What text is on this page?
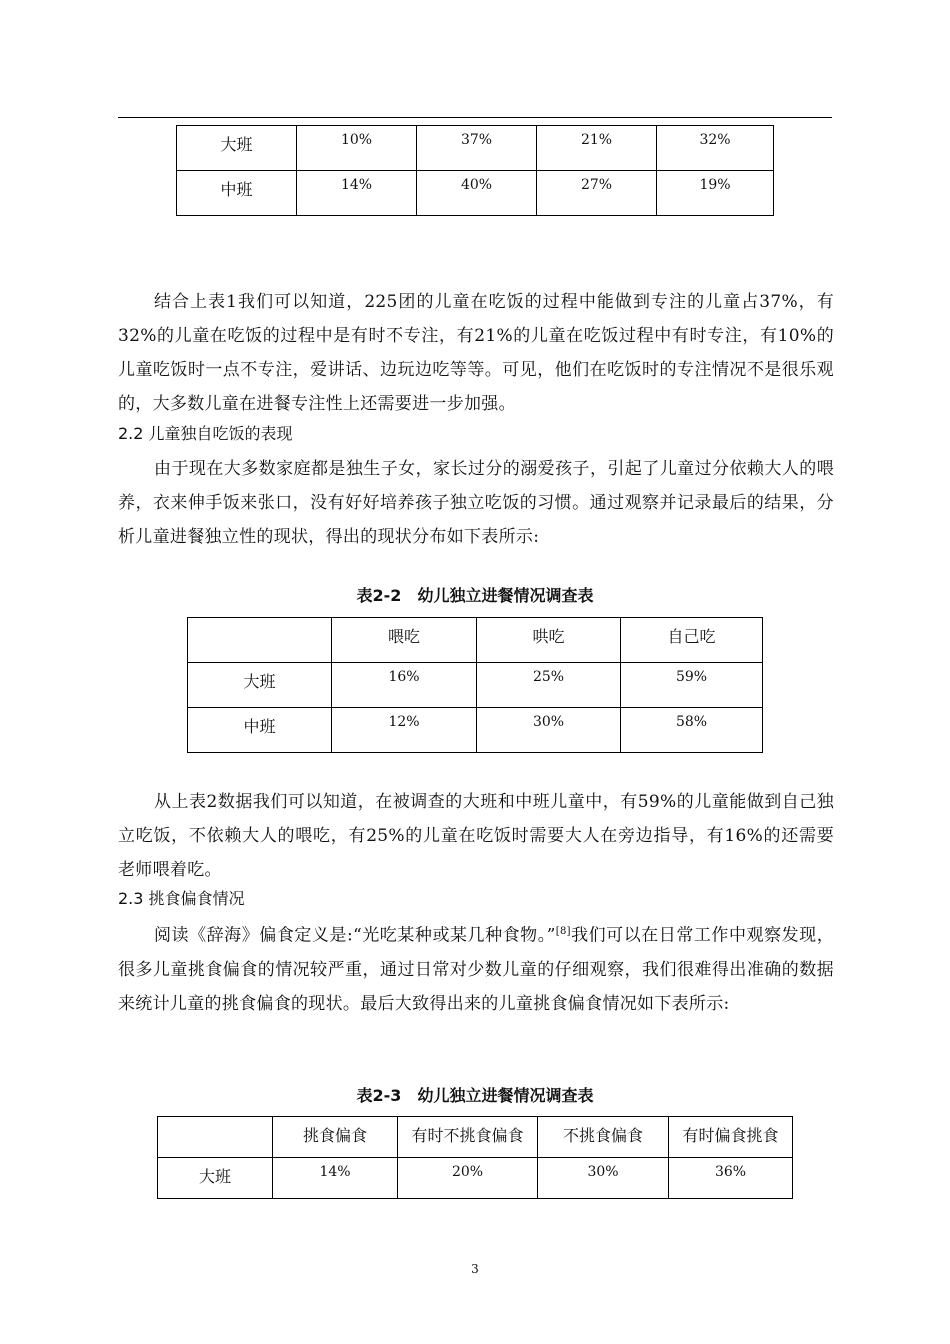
大班	10%	37%	21%	32%

中班	14%	40%	27%	19%

结合上表1我们可以知道，225团的儿童在吃饭的过程中能做到专注的儿童占37%，有32%的儿童在吃饭的过程中是有时不专注，有21%的儿童在吃饭过程中有时专注，有10%的儿童吃饭时一点不专注，爱讲话、边玩边吃等等。可见，他们在吃饭时的专注情况不是很乐观的，大多数儿童在进餐专注性上还需要进一步加强。

2.2 儿童独自吃饭的表现

由于现在大多数家庭都是独生子女，家长过分的溺爱孩子，引起了儿童过分依赖大人的喂养，衣来伸手饭来张口，没有好好培养孩子独立吃饭的习惯。通过观察并记录最后的结果，分析儿童进餐独立性的现状，得出的现状分布如下表所示:

表2-2　幼儿独立进餐情况调查表

	喂吃	哄吃	自己吃

大班	16%	25%	59%

中班	12%	30%	58%

从上表2数据我们可以知道，在被调查的大班和中班儿童中，有59%的儿童能做到自己独立吃饭，不依赖大人的喂吃，有25%的儿童在吃饭时需要大人在旁边指导，有16%的还需要老师喂着吃。

2.3 挑食偏食情况

阅读《辞海》偏食定义是:“光吃某种或某几种食物。”[8]我们可以在日常工作中观察发现，很多儿童挑食偏食的情况较严重，通过日常对少数儿童的仔细观察，我们很难得出准确的数据来统计儿童的挑食偏食的现状。最后大致得出来的儿童挑食偏食情况如下表所示:

表2-3　幼儿独立进餐情况调查表

	挑食偏食	有时不挑食偏食	不挑食偏食	有时偏食挑食

大班	14%	20%	30%	36%
3
